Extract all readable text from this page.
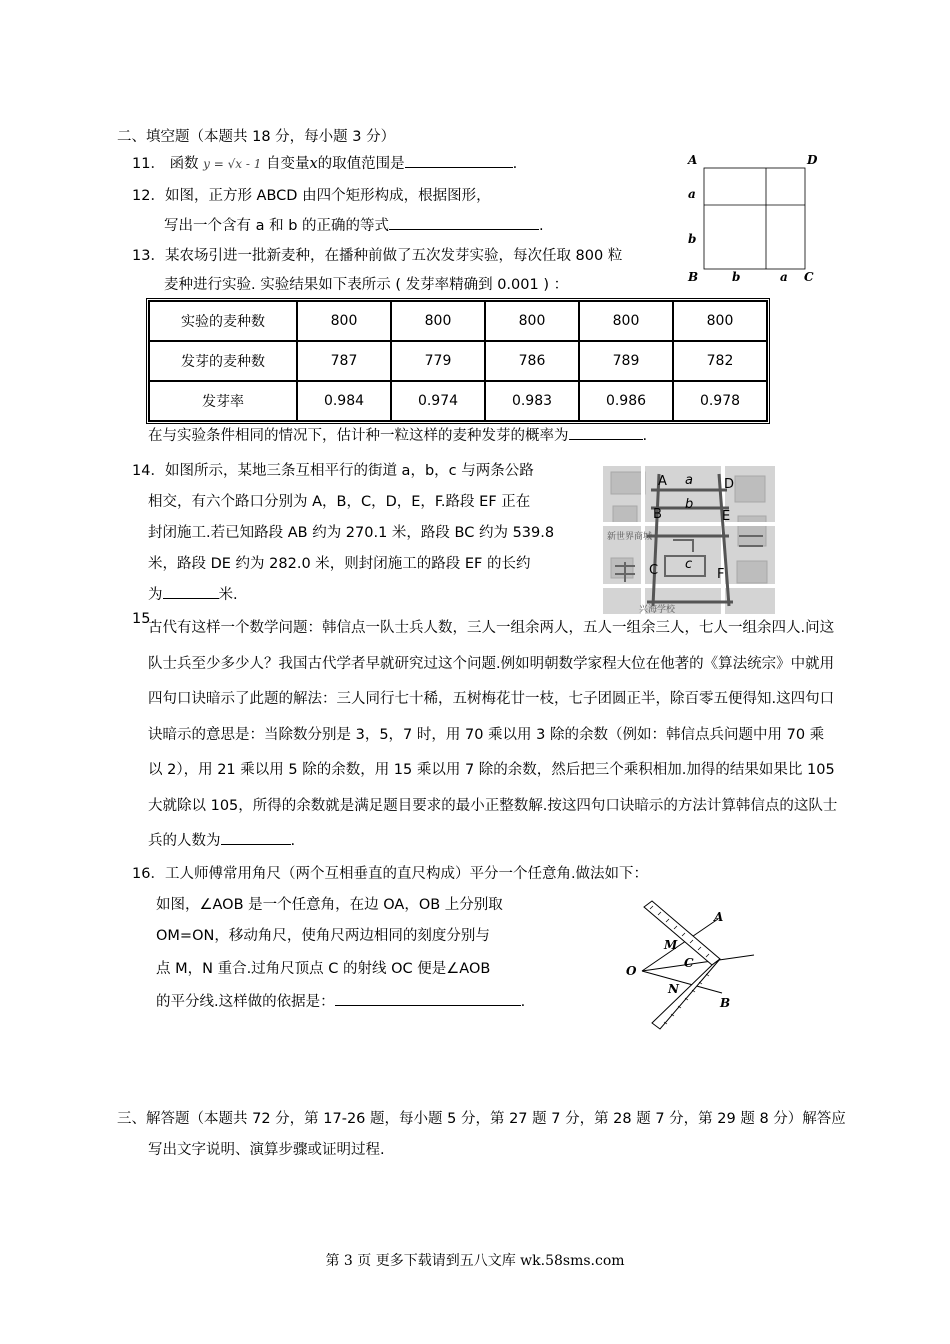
二、填空题（本题共 18 分，每小题 3 分）
11． 函数 y = √x - 1 自变量x的取值范围是	.
12．如图，正方形 ABCD 由四个矩形构成，根据图形，
写出一个含有 a 和 b 的正确的等式	.
A	D
a
b
B	b	a C
13．某农场引进一批新麦种，在播种前做了五次发芽实验，每次任取 800 粒
麦种进行实验. 实验结果如下表所示 ( 发芽率精确到 0.001 ) ：
实验的麦种数	800	800	800	800	800
发芽的麦种数	787	779	786	789	782
发芽率	0.984	0.974	0.983	0.986	0.978
在与实验条件相同的情况下，估计种一粒这样的麦种发芽的概率为	.
14．如图所示，某地三条互相平行的街道 a，b，c 与两条公路
相交，有六个路口分别为 A，B，C，D，E，F.路段 EF 正在
封闭施工.若已知路段 AB 约为 270.1 米，路段 BC 约为 539.8
米，路段 DE 约为 282.0 米，则封闭施工的路段 EF 的长约
为	米.
A a D
B
b
E
新世界商城
C c
F
兴海学校
15.
古代有这样一个数学问题：韩信点一队士兵人数，三人一组余两人，五人一组余三人，七人一组余四人.问这队士兵至少多少人？我国古代学者早就研究过这个问题.例如明朝数学家程大位在他著的《算法统宗》中就用四句口诀暗示了此题的解法：三人同行七十稀，五树梅花廿一枝，七子团圆正半，除百零五便得知.这四句口诀暗示的意思是：当除数分别是 3，5，7 时，用 70 乘以用 3 除的余数（例如：韩信点兵问题中用 70 乘以 2），用 21 乘以用 5 除的余数，用 15 乘以用 7 除的余数，然后把三个乘积相加.加得的结果如果比 105 大就除以 105，所得的余数就是满足题目要求的最小正整数解.按这四句口诀暗示的方法计算韩信点的这队士兵的人数为	.
16．工人师傅常用角尺（两个互相垂直的直尺构成）平分一个任意角.做法如下：
如图，∠AOB 是一个任意角，在边 OA，OB 上分别取
OM=ON，移动角尺，使角尺两边相同的刻度分别与
点 M，N 重合.过角尺顶点 C 的射线 OC 便是∠AOB
的平分线.这样做的依据是：	.
A
B
O
M
N
C
三、解答题（本题共 72 分，第 17-26 题，每小题 5 分，第 27 题 7 分，第 28 题 7 分，第 29 题 8 分）解答应
写出文字说明、演算步骤或证明过程.
第 3 页 更多下载请到五八文库 wk.58sms.com
